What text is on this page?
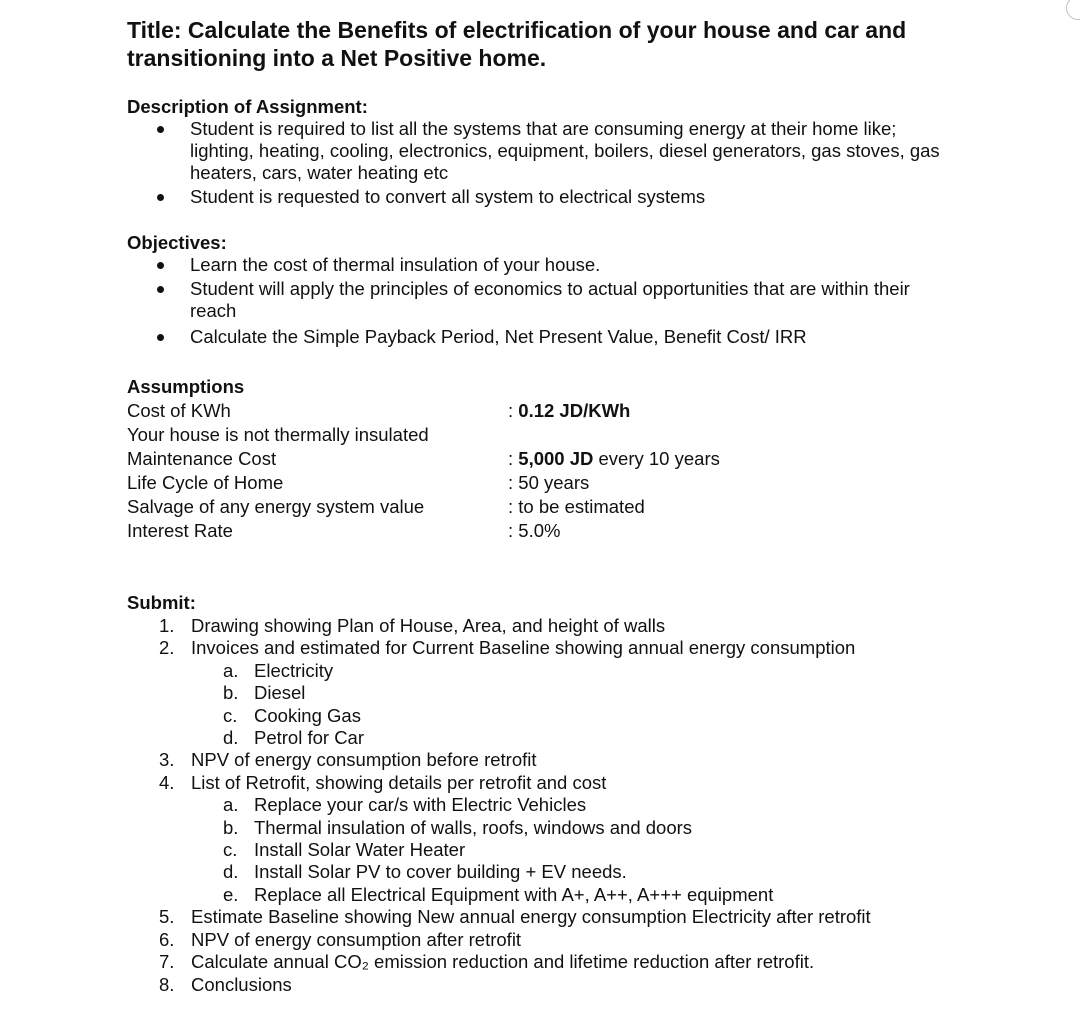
Title: Calculate the Benefits of electrification of your house and car and transitioning into a Net Positive home.
Description of Assignment:
Student is required to list all the systems that are consuming energy at their home like; lighting, heating, cooling, electronics, equipment, boilers, diesel generators, gas stoves, gas heaters, cars, water heating etc
Student is requested to convert all system to electrical systems
Objectives:
Learn the cost of thermal insulation of your house.
Student will apply the principles of economics to actual opportunities that are within their reach
Calculate the Simple Payback Period, Net Present Value, Benefit Cost/ IRR
Assumptions
Cost of KWh	: 0.12 JD/KWh
Your house is not thermally insulated
Maintenance Cost	: 5,000 JD every 10 years
Life Cycle of Home	: 50 years
Salvage of any energy system value	: to be estimated
Interest Rate	: 5.0%
Submit:
1. Drawing showing Plan of House, Area, and height of walls
2. Invoices and estimated for Current Baseline showing annual energy consumption
a. Electricity
b. Diesel
c. Cooking Gas
d. Petrol for Car
3. NPV of energy consumption before retrofit
4. List of Retrofit, showing details per retrofit and cost
a. Replace your car/s with Electric Vehicles
b. Thermal insulation of walls, roofs, windows and doors
c. Install Solar Water Heater
d. Install Solar PV to cover building + EV needs.
e. Replace all Electrical Equipment with A+, A++, A+++ equipment
5. Estimate Baseline showing New annual energy consumption Electricity after retrofit
6. NPV of energy consumption after retrofit
7. Calculate annual CO₂ emission reduction and lifetime reduction after retrofit.
8. Conclusions
